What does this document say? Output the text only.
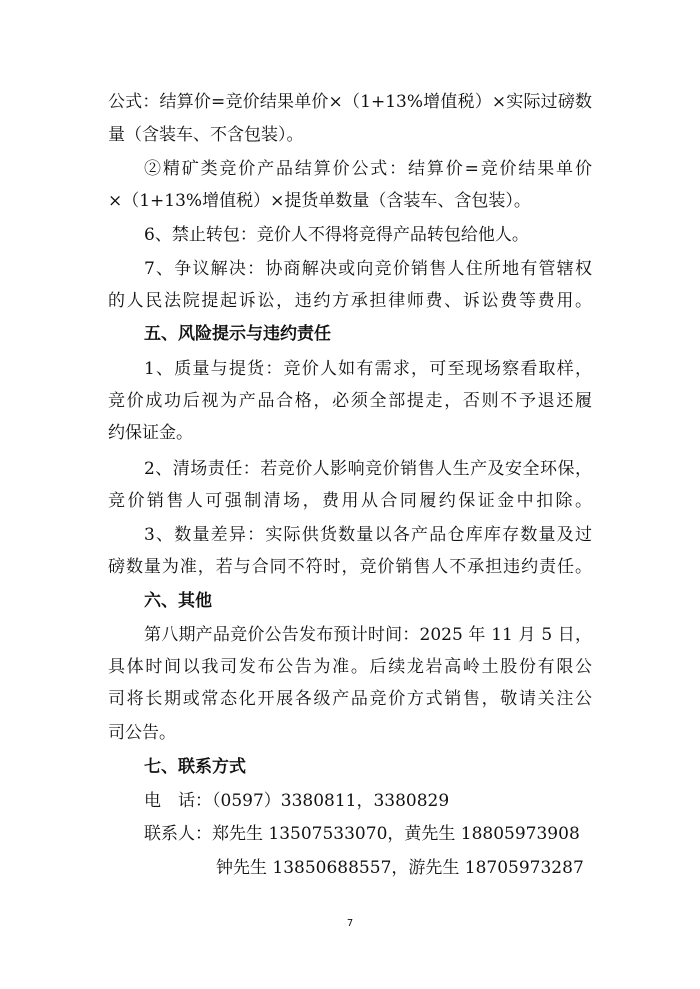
公式：结算价=竞价结果单价×（1+13%增值税）×实际过磅数
量（含装车、不含包装）。
②精矿类竞价产品结算价公式：结算价=竞价结果单价
×（1+13%增值税）×提货单数量（含装车、含包装）。
6、禁止转包：竞价人不得将竞得产品转包给他人。
7、争议解决：协商解决或向竞价销售人住所地有管辖权
的人民法院提起诉讼，违约方承担律师费、诉讼费等费用。
五、风险提示与违约责任
1、质量与提货：竞价人如有需求，可至现场察看取样，
竞价成功后视为产品合格，必须全部提走，否则不予退还履
约保证金。
2、清场责任：若竞价人影响竞价销售人生产及安全环保，
竞价销售人可强制清场，费用从合同履约保证金中扣除。
3、数量差异：实际供货数量以各产品仓库库存数量及过
磅数量为准，若与合同不符时，竞价销售人不承担违约责任。
六、其他
第八期产品竞价公告发布预计时间：2025 年 11 月 5 日，
具体时间以我司发布公告为准。后续龙岩高岭土股份有限公
司将长期或常态化开展各级产品竞价方式销售，敬请关注公
司公告。
七、联系方式
电　话：（0597）3380811，3380829
联系人：郑先生 13507533070，黄先生 18805973908
钟先生 13850688557，游先生 18705973287
7
